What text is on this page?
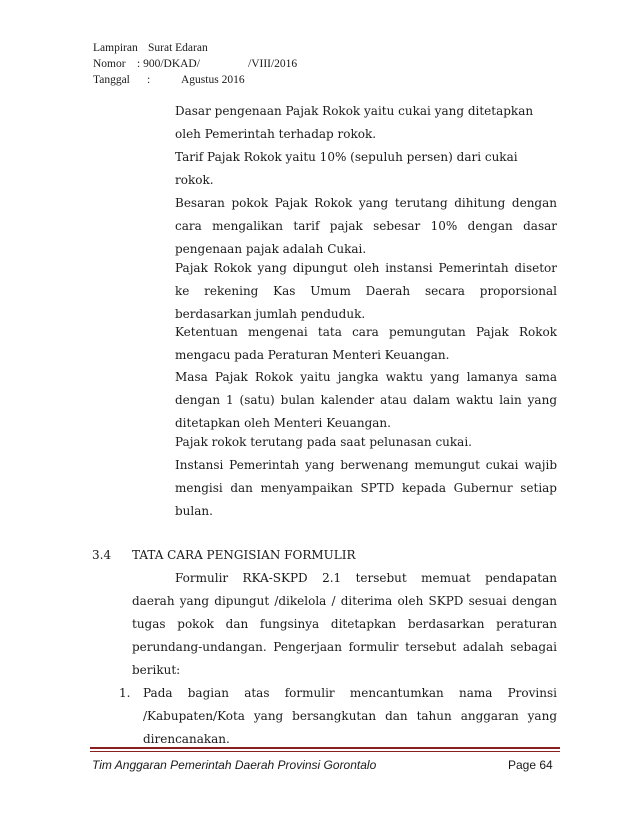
Lampiran Surat Edaran
Nomor : 900/DKAD/	/VIII/2016
Tanggal :	Agustus 2016
Dasar pengenaan Pajak Rokok yaitu cukai yang ditetapkan
oleh Pemerintah terhadap rokok.
Tarif Pajak Rokok yaitu 10% (sepuluh persen) dari cukai
rokok.
Besaran pokok Pajak Rokok yang terutang dihitung dengan
cara mengalikan tarif pajak sebesar 10% dengan dasar
pengenaan pajak adalah Cukai.
Pajak Rokok yang dipungut oleh instansi Pemerintah disetor
ke rekening Kas Umum Daerah secara proporsional
berdasarkan jumlah penduduk.
Ketentuan mengenai tata cara pemungutan Pajak Rokok
mengacu pada Peraturan Menteri Keuangan.
Masa Pajak Rokok yaitu jangka waktu yang lamanya sama
dengan 1 (satu) bulan kalender atau dalam waktu lain yang
ditetapkan oleh Menteri Keuangan.
Pajak rokok terutang pada saat pelunasan cukai.
Instansi Pemerintah yang berwenang memungut cukai wajib
mengisi dan menyampaikan SPTD kepada Gubernur setiap
bulan.
3.4 TATA CARA PENGISIAN FORMULIR
Formulir RKA-SKPD 2.1 tersebut memuat pendapatan
daerah yang dipungut /dikelola / diterima oleh SKPD sesuai dengan
tugas pokok dan fungsinya ditetapkan berdasarkan peraturan
perundang-undangan. Pengerjaan formulir tersebut adalah sebagai
berikut:
1. Pada bagian atas formulir mencantumkan nama Provinsi
/Kabupaten/Kota yang bersangkutan dan tahun anggaran yang
direncanakan.
Tim Anggaran Pemerintah Daerah Provinsi Gorontalo	Page 64
